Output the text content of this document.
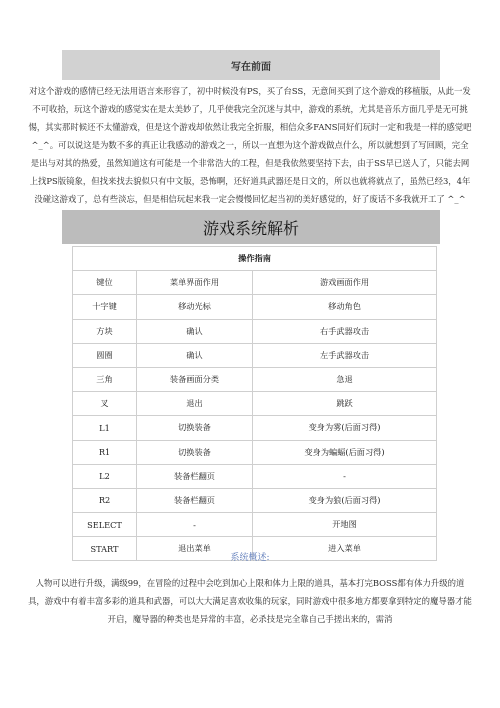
写在前面
对这个游戏的感情已经无法用语言来形容了，初中时候没有PS，买了台SS，无意间买到了这个游戏的移植版，从此一发不可收拾，玩这个游戏的感觉实在是太美妙了，几乎使我完全沉迷与其中，游戏的系统，尤其是音乐方面几乎是无可挑惕，其实那时候还不太懂游戏，但是这个游戏却依然让我完全折服，相信众多FANS同好们玩时一定和我是一样的感觉吧 ^_^。可以说这是为数不多的真正让我感动的游戏之一，所以一直想为这个游戏做点什么，所以就想到了写回顾，完全是出与对其的热爱，虽然知道这有可能是一个非常浩大的工程，但是我依然要坚持下去，由于SS早已送人了，只能去网上找PS版镜象，但找来找去貌似只有中文版，恐怖啊，还好道具武器还是日文的，所以也就将就点了，虽然已经3，4年没碰这游戏了，总有些淡忘，但是相信玩起来我一定会慢慢回忆起当初的美好感觉的，好了废话不多我就开工了 ^_^
游戏系统解析
操作指南		
键位	菜单界面作用	游戏画面作用
十字键	移动光标	移动角色
方块	确认	右手武器攻击
圆圈	确认	左手武器攻击
三角	装备画面分类	急退
叉	退出	跳跃
L1	切换装备	变身为雾(后面习得)
R1	切换装备	变身为蝙蝠(后面习得)
L2	装备栏翻页	-
R2	装备栏翻页	变身为狼(后面习得)
SELECT	-	开地图
START	退出菜单	进入菜单
系统概述:
人物可以进行升级，满级99，在冒险的过程中会吃到加心上限和体力上限的道具，基本打完BOSS都有体力升级的道具，游戏中有着丰富多彩的道具和武器，可以大大满足喜欢收集的玩家，同时游戏中很多地方都要拿到特定的魔导器才能开启，魔导器的种类也是异常的丰富，必杀技是完全靠自己手搓出来的，需消
